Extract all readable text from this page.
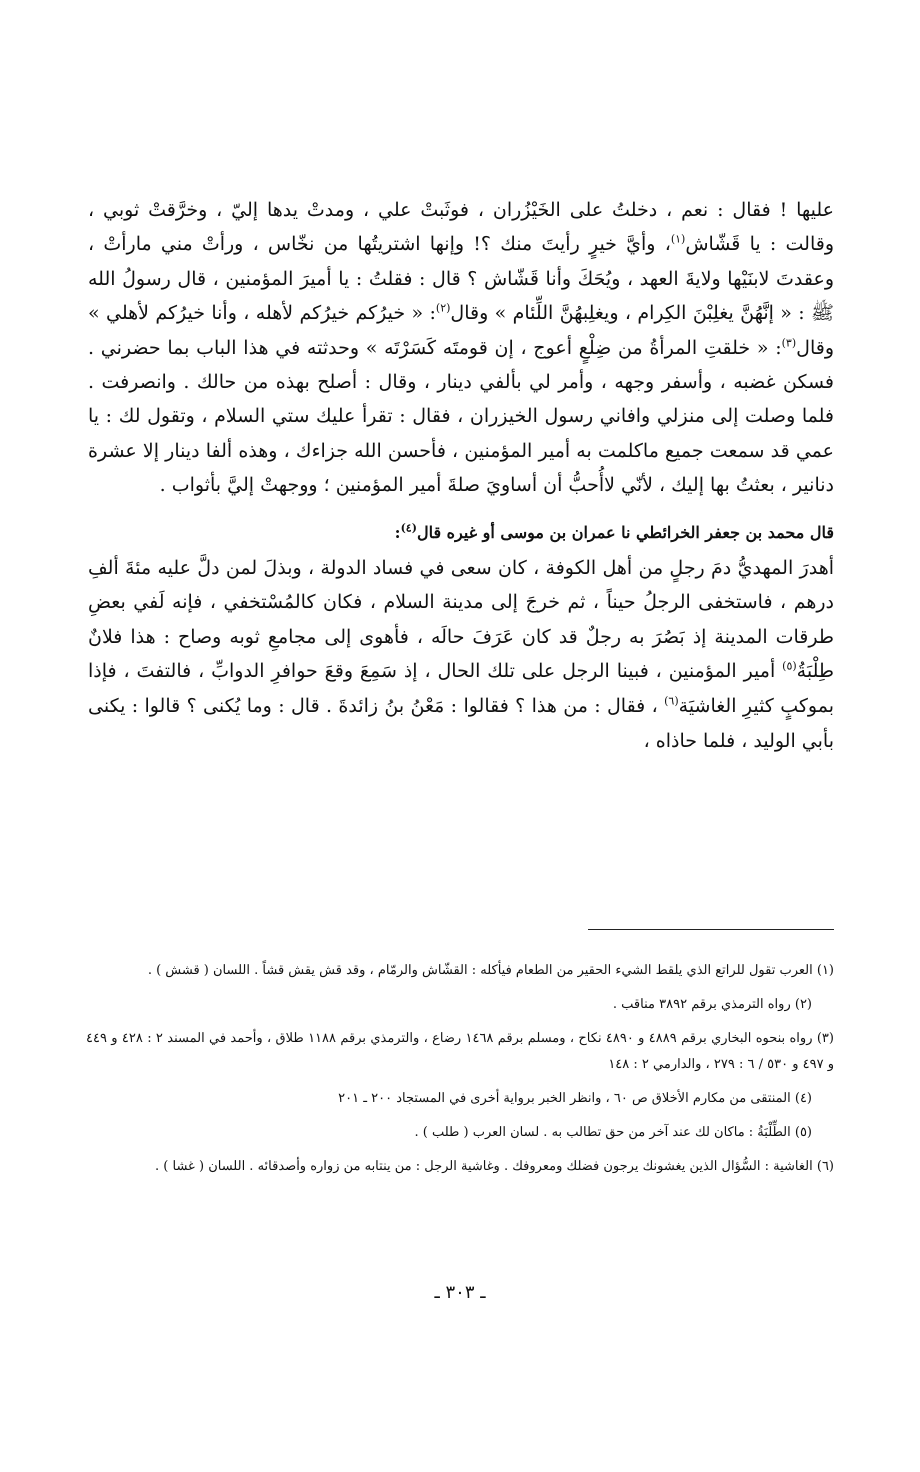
عليها ! فقال : نعم ، دخلتُ على الخَيْزُران ، فوثَبتْ علي ، ومدتْ يدها إليّ ، وخرَّقتْ ثوبي ، وقالت : يا قَشّاش$^{(١)}$، وأيَّ خيرٍ رأيتَ منك ؟! وإنها اشتريتُها من نخّاس ، ورأتْ مني مارأتْ ، وعقدتَ لابنَيْها ولايةَ العهد ، ويُحَكَ وأنا قَشّاش ؟ قال : فقلتُ : يا أميرَ المؤمنين ، قال رسولُ الله ﷺ : « إنَّهُنَّ يغلِبْنَ الكِرام ، ويغلِبهُنَّ اللِّئام » وقال$^{(٢)}$: « خيرُكم خيرُكم لأهله ، وأنا خيرُكم لأهلي » وقال$^{(٣)}$: « خلقتِ المرأةُ من ضِلْعٍ أعوج ، إن قومتَه كَسَرْتَه » وحدثته في هذا الباب بما حضرني . فسكن غضبه ، وأسفر وجهه ، وأمر لي بألفي دينار ، وقال : أصلح بهذه من حالك . وانصرفت . فلما وصلت إلى منزلي وافاني رسول الخيزران ، فقال : تقرأ عليك ستي السلام ، وتقول لك : يا عمي قد سمعت جميع ماكلمت به أمير المؤمنين ، فأحسن الله جزاءك ، وهذه ألفا دينار إلا عشرة دنانير ، بعثتُ بها إليك ، لأنّي لاأُحبُّ أن أساويَ صلةَ أمير المؤمنين ؛ ووجهتْ إليَّ بأثواب .

قال محمد بن جعفر الخرائطي نا عمران بن موسى أو غيره قال$^{(٤)}$:

أهدرَ المهديُّ دمَ رجلٍ من أهل الكوفة ، كان سعى في فساد الدولة ، وبذلَ لمن دلَّ عليه مئةَ ألفِ درهم ، فاستخفى الرجلُ حيناً ، ثم خرجَ إلى مدينة السلام ، فكان كالمُسْتخفي ، فإنه لَفي بعضِ طرقات المدينة إذ بَصُرَ به رجلٌ قد كان عَرَفَ حالَه ، فأهوى إلى مجامعِ ثوبه وصاح : هذا فلانٌ طِلْبَةُ$^{(٥)}$ أمير المؤمنين ، فبينا الرجل على تلك الحال ، إذ سَمِعَ وقعَ حوافرِ الدوابِّ ، فالتفتَ ، فإذا بموكبٍ كثيرِ الغاشيَة$^{(٦)}$ ، فقال : من هذا ؟ فقالوا : مَعْنُ بنُ زائدةَ . قال : وما يُكنى ؟ قالوا : يكنى بأبي الوليد ، فلما حاذاه ،

(١) العرب تقول للراتع الذي يلقط الشيء الحقير من الطعام فيأكله : القشّاش والرمّام ، وقد قش يقش قشاً . اللسان ( قشش ) .

(٢) رواه الترمذي برقم ٣٨٩٢ مناقب .

(٣) رواه بنحوه البخاري برقم ٤٨٨٩ و ٤٨٩٠ نكاح ، ومسلم برقم ١٤٦٨ رضاع ، والترمذي برقم ١١٨٨ طلاق ، وأحمد في المسند ٢ : ٤٢٨ و ٤٤٩ و ٤٩٧ و ٥٣٠ / ٦ : ٢٧٩ ، والدارمي ٢ : ١٤٨

(٤) المنتقى من مكارم الأخلاق ص ٦٠ ، وانظر الخبر برواية أخرى في المستجاد ٢٠٠ ـ ٢٠١

(٥) الطِّلْبَةُ : ماكان لك عند آخر من حق تطالب به . لسان العرب ( طلب ) .

(٦) الغاشية : السُّؤال الذين يغشونك يرجون فضلك ومعروفك . وغاشية الرجل : من ينتابه من زواره وأصدقائه . اللسان ( غشا ) .

ـ ٣٠٣ ـ
